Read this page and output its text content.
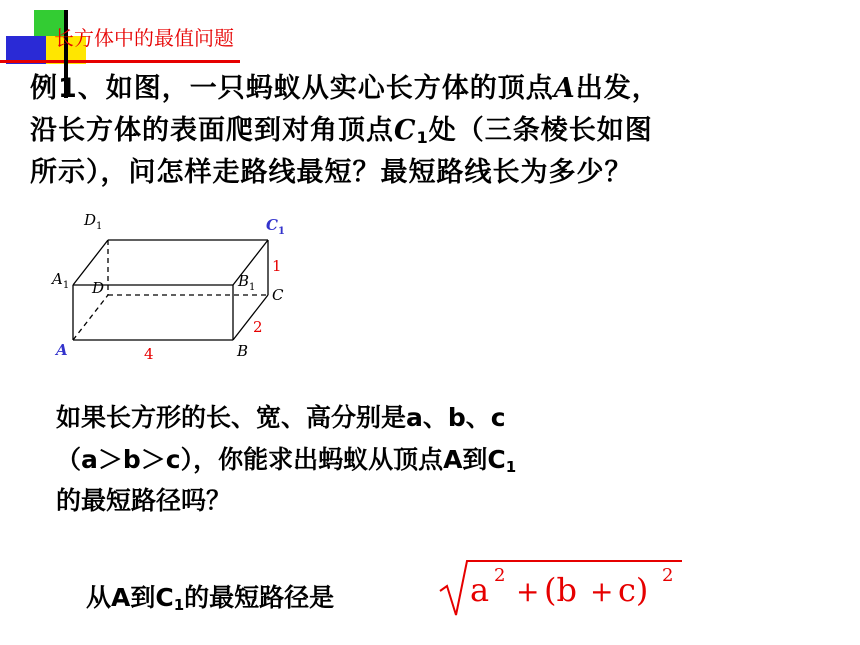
长方体中的最值问题
例1、如图，一只蚂蚁从实心长方体的顶点A出发，
沿长方体的表面爬到对角顶点$C_1$处（三条棱长如图
所示），问怎样走路线最短？最短路线长为多少？
$D_1$	$C_1$
$A_1$	$B_1$
D	C
A	B
1
2
4
如果长方形的长、宽、高分别是a、b、c
（a＞b＞c），你能求出蚂蚁从顶点A到$C_1$
的最短路径吗？
从A到$C_1$的最短路径是	a 2 + (b + c) 2
